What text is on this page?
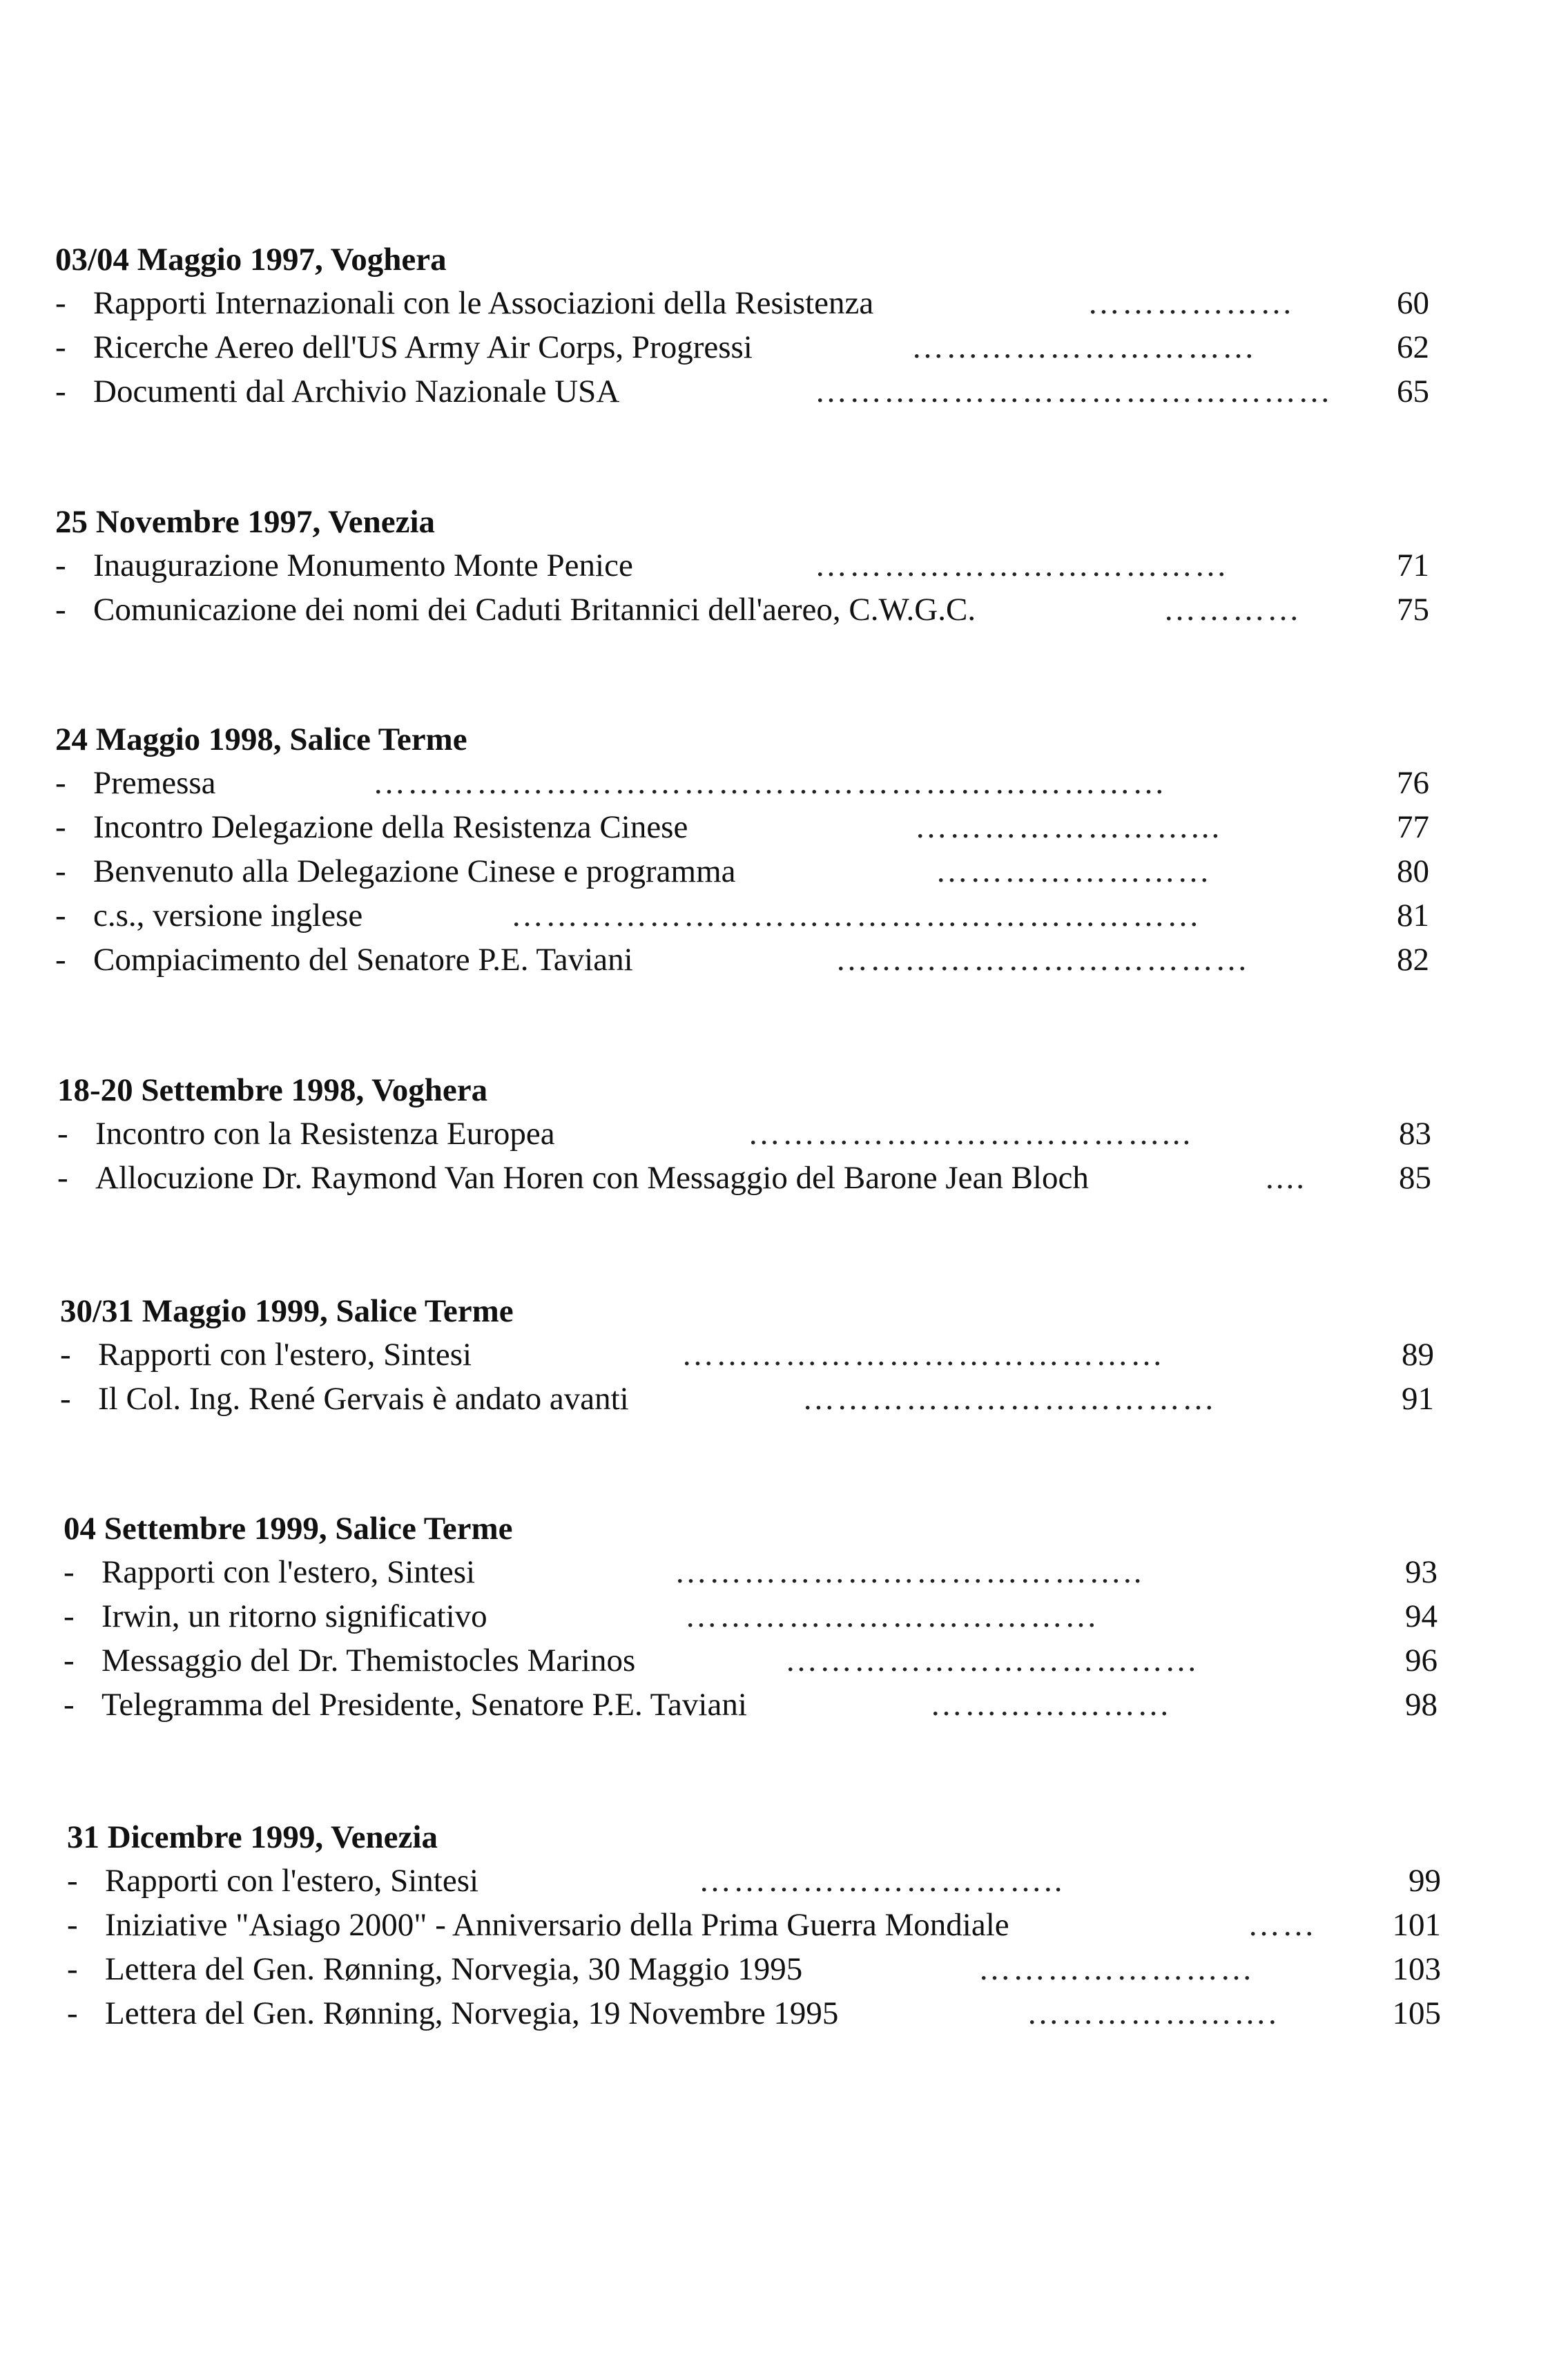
03/04 Maggio 1997, Voghera
- Rapporti Internazionali con le Associazioni della Resistenza	………………	60
- Ricerche Aereo dell'US Army Air Corps, Progressi	…………………………	62
- Documenti dal Archivio Nazionale USA	………………………………………	65
25 Novembre 1997, Venezia
- Inaugurazione Monumento Monte Penice	………………………………	71
- Comunicazione dei nomi dei Caduti Britannici dell'aereo, C.W.G.C.	…………	75
24 Maggio 1998, Salice Terme
- Premessa	……………………………………………………………	76
- Incontro Delegazione della Resistenza Cinese	……………………...	77
- Benvenuto alla Delegazione Cinese e programma	……………………	80
- c.s., versione inglese	……………………………………………………	81
- Compiacimento del Senatore P.E. Taviani	………………………………	82
18-20 Settembre 1998, Voghera
- Incontro con la Resistenza Europea	………………………………...	83
- Allocuzione Dr. Raymond Van Horen con Messaggio del Barone Jean Bloch	....	85
30/31 Maggio 1999, Salice Terme
- Rapporti con l'estero, Sintesi	……………………………………	89
- Il Col. Ing. René Gervais è andato avanti	………………………………	91
04 Settembre 1999, Salice Terme
- Rapporti con l'estero, Sintesi	…………………………………..	93
- Irwin, un ritorno significativo	………………………………	94
- Messaggio del Dr. Themistocles Marinos	………………………………	96
- Telegramma del Presidente, Senatore P.E. Taviani	…………………	98
31 Dicembre 1999, Venezia
- Rapporti con l'estero, Sintesi	…………………………..	99
- Iniziative "Asiago 2000" - Anniversario della Prima Guerra Mondiale	……	101
- Lettera del Gen. Rønning, Norvegia, 30 Maggio 1995	……………………	103
- Lettera del Gen. Rønning, Norvegia, 19 Novembre 1995	………………….	105
